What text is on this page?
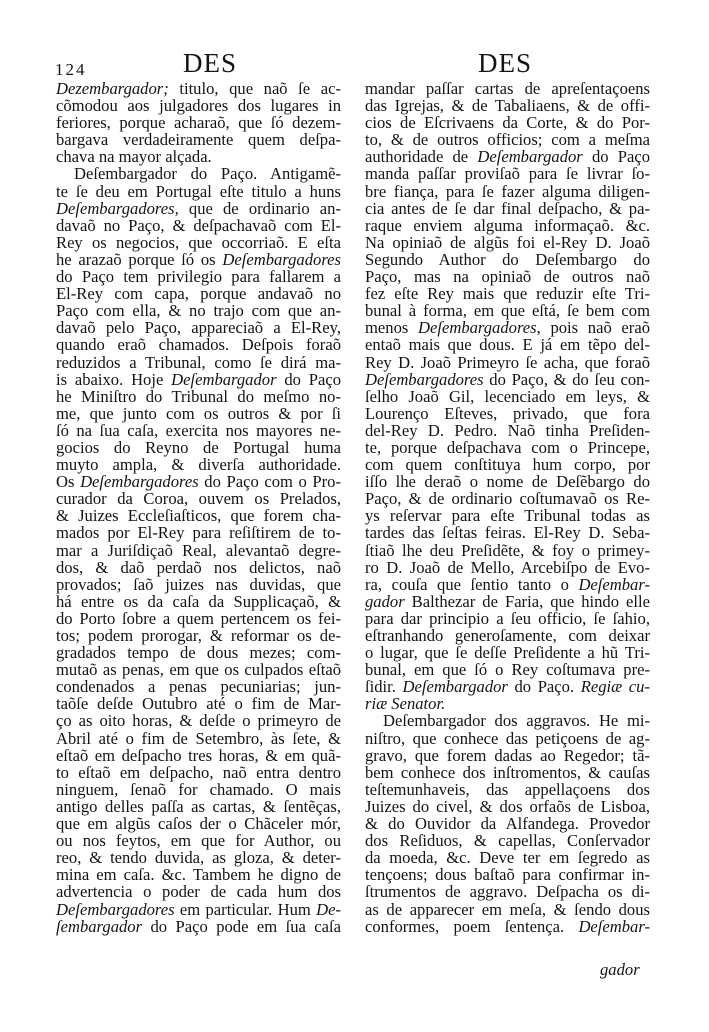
124	DES	DES
Dezembargador; titulo, que naõ ſe ac-
cõmodou aos julgadores dos lugares in
feriores, porque acharaõ, que ſó dezem-
bargava verdadeiramente quem deſpa-
chava na mayor alçada.
Deſembargador do Paço. Antigamẽ-
te ſe deu em Portugal eſte titulo a huns
Deſembargadores, que de ordinario an-
davaõ no Paço, & deſpachavaõ com El-
Rey os negocios, que occorriaõ. E eſta
he arazaõ porque ſó os Deſembargadores
do Paço tem privilegio para fallarem a
El-Rey com capa, porque andavaõ no
Paço com ella, & no trajo com que an-
davaõ pelo Paço, appareciaõ a El-Rey,
quando eraõ chamados. Deſpois foraõ
reduzidos a Tribunal, como ſe dirá ma-
is abaixo. Hoje Deſembargador do Paço
he Miniſtro do Tribunal do meſmo no-
me, que junto com os outros & por ſi
ſó na ſua caſa, exercita nos mayores ne-
gocios do Reyno de Portugal huma
muyto ampla, & diverſa authoridade.
Os Deſembargadores do Paço com o Pro-
curador da Coroa, ouvem os Prelados,
& Juizes Eccleſiaſticos, que forem cha-
mados por El-Rey para reſiſtirem de to-
mar a Juriſdiçaõ Real, alevantaõ degre-
dos, & daõ perdaõ nos delictos, naõ
provados; ſaõ juizes nas duvidas, que
há entre os da caſa da Supplicaçaõ, &
do Porto ſobre a quem pertencem os fei-
tos; podem prorogar, & reformar os de-
gradados tempo de dous mezes; com-
mutaõ as penas, em que os culpados eſtaõ
condenados a penas pecuniarias; jun-
taõſe deſde Outubro até o fim de Mar-
ço as oito horas, & deſde o primeyro de
Abril até o fim de Setembro, às ſete, &
eſtaõ em deſpacho tres horas, & em quã-
to eſtaõ em deſpacho, naõ entra dentro
ninguem, ſenaõ for chamado. O mais
antigo delles paſſa as cartas, & ſentẽças,
que em algũs caſos der o Chãceler mór,
ou nos feytos, em que for Author, ou
reo, & tendo duvida, as gloza, & deter-
mina em caſa. &c. Tambem he digno de
advertencia o poder de cada hum dos
Deſembargadores em particular. Hum De-
ſembargador do Paço pode em ſua caſa
mandar paſſar cartas de apreſentaçoens
das Igrejas, & de Tabaliaens, & de offi-
cios de Eſcrivaens da Corte, & do Por-
to, & de outros officios; com a meſma
authoridade de Deſembargador do Paço
manda paſſar proviſaõ para ſe livrar ſo-
bre fiança, para ſe fazer alguma diligen-
cia antes de ſe dar final deſpacho, & pa-
raque enviem alguma informaçaõ. &c.
Na opiniaõ de algũs foi el-Rey D. Joaõ
Segundo Author do Deſembargo do
Paço, mas na opiniaõ de outros naõ
fez eſte Rey mais que reduzir eſte Tri-
bunal à forma, em que eſtá, ſe bem com
menos Deſembargadores, pois naõ eraõ
entaõ mais que dous. E já em tẽpo del-
Rey D. Joaõ Primeyro ſe acha, que foraõ
Deſembargadores do Paço, & do ſeu con-
ſelho Joaõ Gil, lecenciado em leys, &
Lourenço Eſteves, privado, que fora
del-Rey D. Pedro. Naõ tinha Preſiden-
te, porque deſpachava com o Princepe,
com quem conſtituya hum corpo, por
iſſo lhe deraõ o nome de Deſẽbargo do
Paço, & de ordinario coſtumavaõ os Re-
ys reſervar para eſte Tribunal todas as
tardes das ſeſtas feiras. El-Rey D. Seba-
ſtiaõ lhe deu Preſidẽte, & foy o primey-
ro D. Joaõ de Mello, Arcebiſpo de Evo-
ra, couſa que ſentio tanto o Deſembar-
gador Balthezar de Faria, que hindo elle
para dar principio a ſeu officio, ſe ſahio,
eſtranhando generoſamente, com deixar
o lugar, que ſe deſſe Preſidente a hũ Tri-
bunal, em que ſó o Rey coſtumava pre-
ſidir. Deſembargador do Paço. Regiæ cu-
riæ Senator.
Deſembargador dos aggravos. He mi-
niſtro, que conhece das petiçoens de ag-
gravo, que forem dadas ao Regedor; tã-
bem conhece dos inſtromentos, & cauſas
teſtemunhaveis, das appellaçoens dos
Juizes do civel, & dos orfaõs de Lisboa,
& do Ouvidor da Alfandega. Provedor
dos Reſiduos, & capellas, Conſervador
da moeda, &c. Deve ter em ſegredo as
tençoens; dous baſtaõ para confirmar in-
ſtrumentos de aggravo. Deſpacha os di-
as de apparecer em meſa, & ſendo dous
conformes, poem ſentença. Deſembar-
gador
